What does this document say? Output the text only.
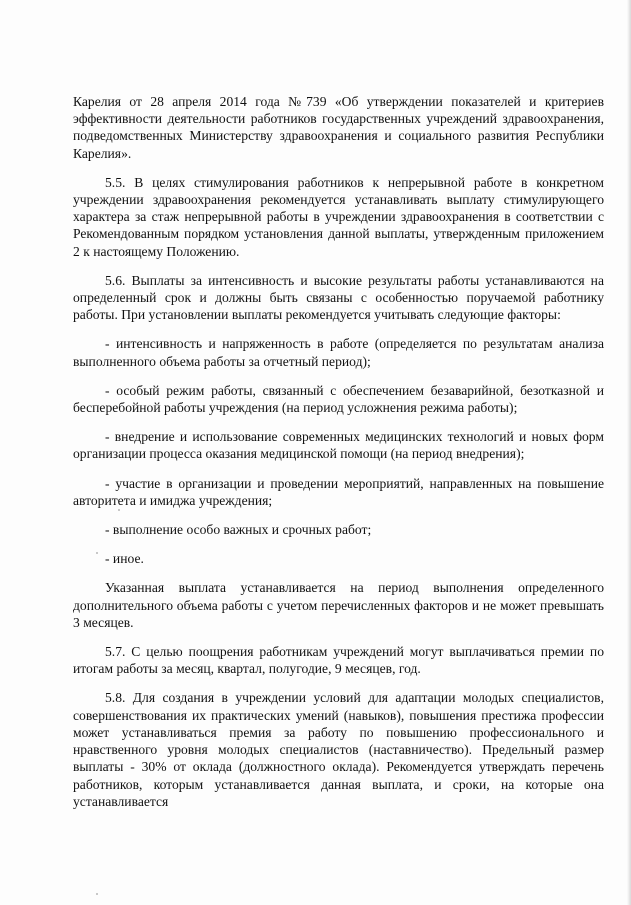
Карелия от 28 апреля 2014 года №739 «Об утверждении показателей и критериев эффективности деятельности работников государственных учреждений здравоохранения, подведомственных Министерству здравоохранения и социального развития Республики Карелия».

5.5. В целях стимулирования работников к непрерывной работе в конкретном учреждении здравоохранения рекомендуется устанавливать выплату стимулирующего характера за стаж непрерывной работы в учреждении здравоохранения в соответствии с Рекомендованным порядком установления данной выплаты, утвержденным приложением 2 к настоящему Положению.

5.6. Выплаты за интенсивность и высокие результаты работы устанавливаются на определенный срок и должны быть связаны с особенностью поручаемой работнику работы. При установлении выплаты рекомендуется учитывать следующие факторы:

- интенсивность и напряженность в работе (определяется по результатам анализа выполненного объема работы за отчетный период);

- особый режим работы, связанный с обеспечением безаварийной, безотказной и бесперебойной работы учреждения (на период усложнения режима работы);

- внедрение и использование современных медицинских технологий и новых форм организации процесса оказания медицинской помощи (на период внедрения);

- участие в организации и проведении мероприятий, направленных на повышение авторитета и имиджа учреждения;

- выполнение особо важных и срочных работ;

- иное.

Указанная выплата устанавливается на период выполнения определенного дополнительного объема работы с учетом перечисленных факторов и не может превышать 3 месяцев.

5.7. С целью поощрения работникам учреждений могут выплачиваться премии по итогам работы за месяц, квартал, полугодие, 9 месяцев, год.

5.8. Для создания в учреждении условий для адаптации молодых специалистов, совершенствования их практических умений (навыков), повышения престижа профессии может устанавливаться премия за работу по повышению профессионального и нравственного уровня молодых специалистов (наставничество). Предельный размер выплаты - 30% от оклада (должностного оклада). Рекомендуется утверждать перечень работников, которым устанавливается данная выплата, и сроки, на которые она устанавливается
